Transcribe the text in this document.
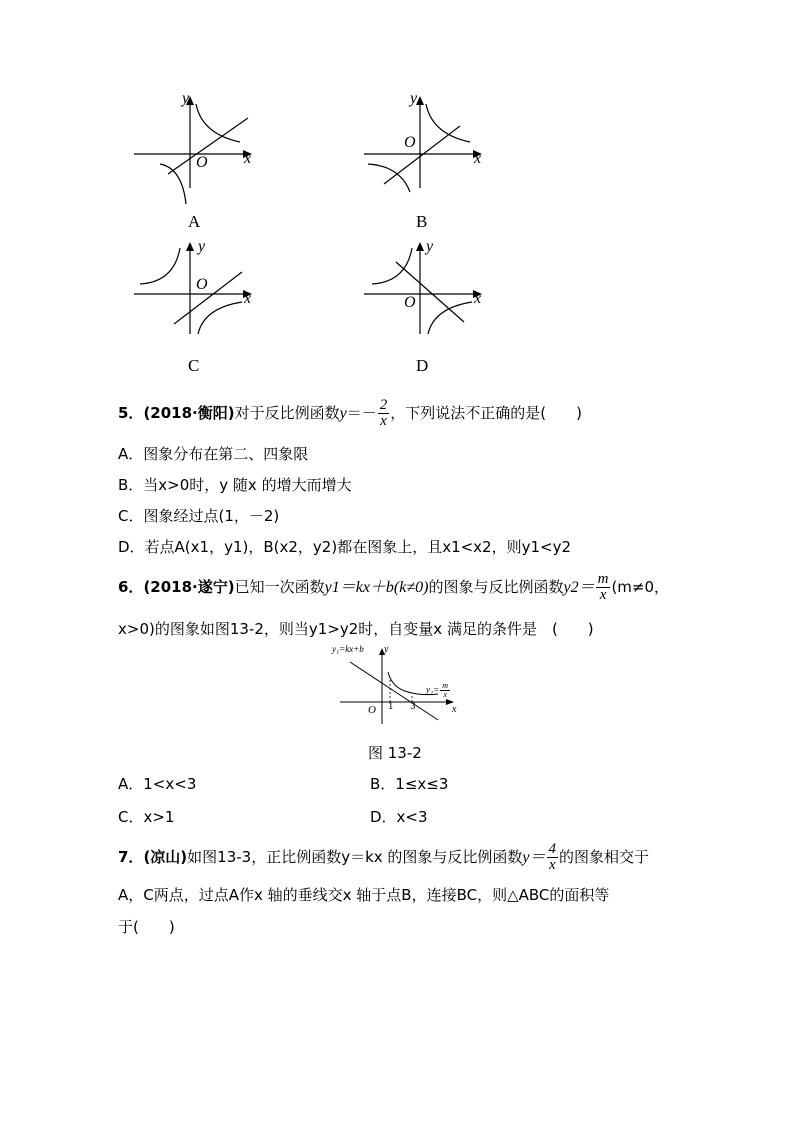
y
x
O
A
y
x
O
B
y
x
O
C
y
x
O
D
5．(2018·衡阳)对于反比例函数$y=- \frac{2}{x}$ ，下列说法不正确的是(　　)
A．图象分布在第二、四象限
B．当x>0时，y 随x 的增大而增大
C．图象经过点(1，－2)
D．若点A(x1，y1)，B(x2，y2)都在图象上，且x1<x2，则y1<y2
6．(2018·遂宁)已知一次函数y1＝kx＋b(k≠0)的图象与反比例函数$y2= \frac{m}{x} (m\ne 0$，
x>0)的图象如图13-2，则当y1>y2时，自变量x 满足的条件是　(　　)
y₁=kx+b y
$y_2= \frac{m}{x}$
x
O 1 3
图 13-2
A．1<x<3	B．1≤x≤3
C．x>1	D．x<3
7．(凉山)如图13-3，正比例函数y＝kx 的图象与反比例函数$y= \frac{4}{x}$ 的图象相交于
A，C两点，过点A作x 轴的垂线交x 轴于点B，连接BC，则△ABC的面积等
于(　　)
